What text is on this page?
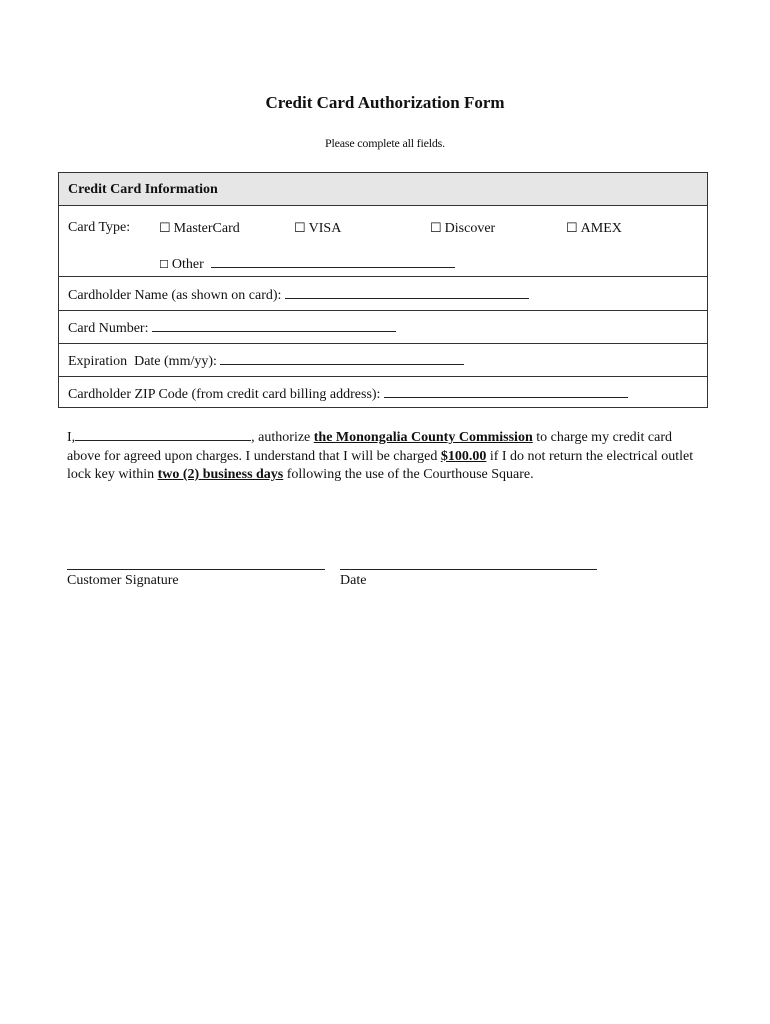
Credit Card Authorization Form
Please complete all fields.
Credit Card Information
Card Type: ☐ MasterCard	☐ VISA	☐ Discover	☐ AMEX
☐ Other
Cardholder Name (as shown on card):
Card Number:
Expiration  Date (mm/yy):
Cardholder ZIP Code (from credit card billing address):
I,	, authorize the Monongalia County Commission to charge my credit card above for agreed upon charges. I understand that I will be charged $100.00 if I do not return the electrical outlet lock key within two (2) business days following the use of the Courthouse Square.
Customer Signature	Date
